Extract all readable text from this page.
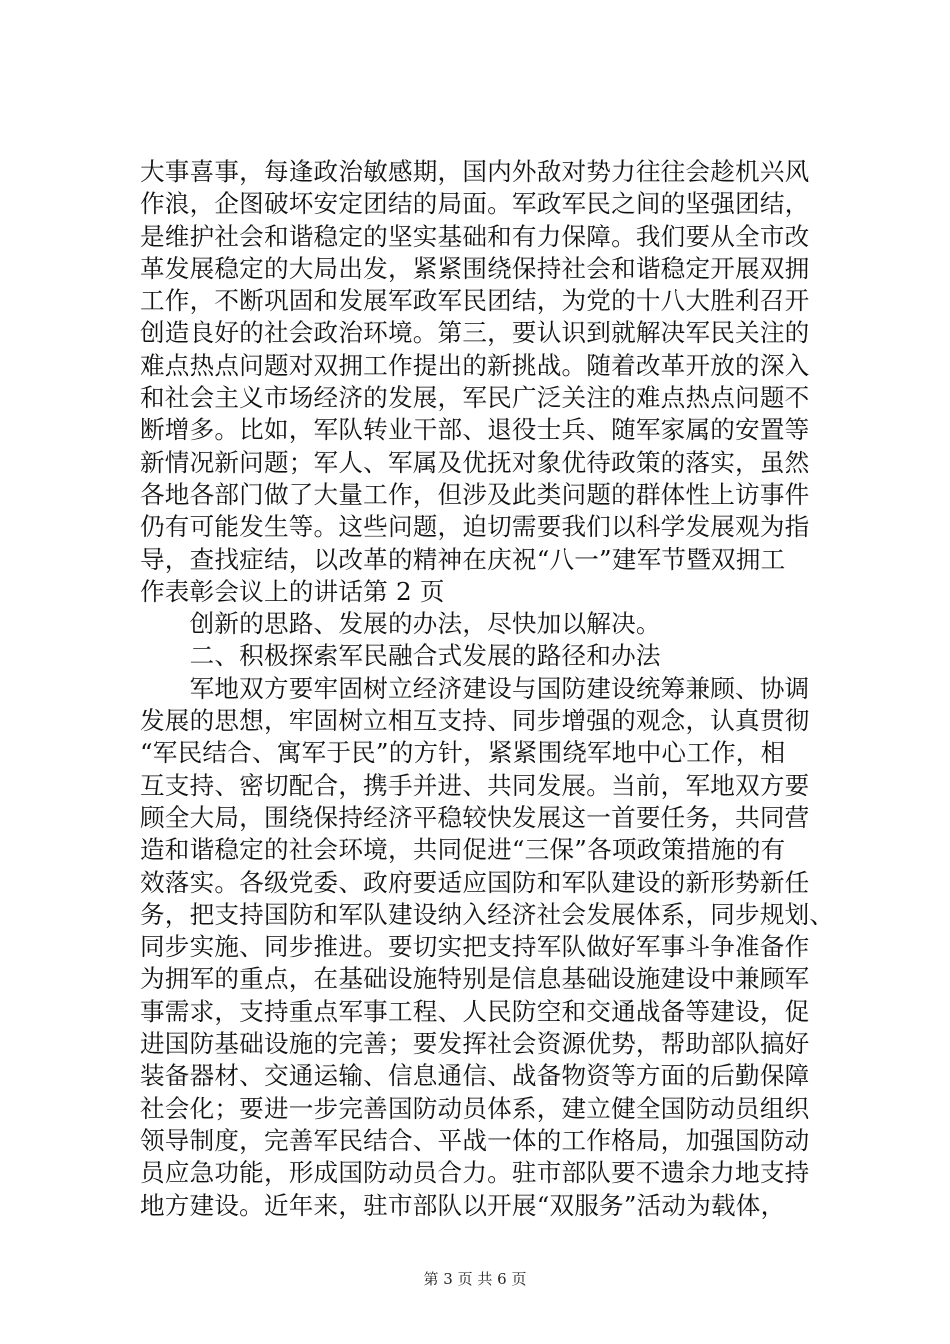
大事喜事，每逢政治敏感期，国内外敌对势力往往会趁机兴风
作浪，企图破坏安定团结的局面。军政军民之间的坚强团结，
是维护社会和谐稳定的坚实基础和有力保障。我们要从全市改
革发展稳定的大局出发，紧紧围绕保持社会和谐稳定开展双拥
工作，不断巩固和发展军政军民团结，为党的十八大胜利召开
创造良好的社会政治环境。第三，要认识到就解决军民关注的
难点热点问题对双拥工作提出的新挑战。随着改革开放的深入
和社会主义市场经济的发展，军民广泛关注的难点热点问题不
断增多。比如，军队转业干部、退役士兵、随军家属的安置等
新情况新问题；军人、军属及优抚对象优待政策的落实，虽然
各地各部门做了大量工作，但涉及此类问题的群体性上访事件
仍有可能发生等。这些问题，迫切需要我们以科学发展观为指
导，查找症结，以改革的精神在庆祝“八一”建军节暨双拥工
作表彰会议上的讲话第 2 页
　　创新的思路、发展的办法，尽快加以解决。
　　二、积极探索军民融合式发展的路径和办法
　　军地双方要牢固树立经济建设与国防建设统筹兼顾、协调
发展的思想，牢固树立相互支持、同步增强的观念，认真贯彻
“军民结合、寓军于民”的方针，紧紧围绕军地中心工作，相
互支持、密切配合，携手并进、共同发展。当前，军地双方要
顾全大局，围绕保持经济平稳较快发展这一首要任务，共同营
造和谐稳定的社会环境，共同促进“三保”各项政策措施的有
效落实。各级党委、政府要适应国防和军队建设的新形势新任
务，把支持国防和军队建设纳入经济社会发展体系，同步规划、
同步实施、同步推进。要切实把支持军队做好军事斗争准备作
为拥军的重点，在基础设施特别是信息基础设施建设中兼顾军
事需求，支持重点军事工程、人民防空和交通战备等建设，促
进国防基础设施的完善；要发挥社会资源优势，帮助部队搞好
装备器材、交通运输、信息通信、战备物资等方面的后勤保障
社会化；要进一步完善国防动员体系，建立健全国防动员组织
领导制度，完善军民结合、平战一体的工作格局，加强国防动
员应急功能，形成国防动员合力。驻市部队要不遗余力地支持
地方建设。近年来，驻市部队以开展“双服务”活动为载体，
第 3 页 共 6 页
